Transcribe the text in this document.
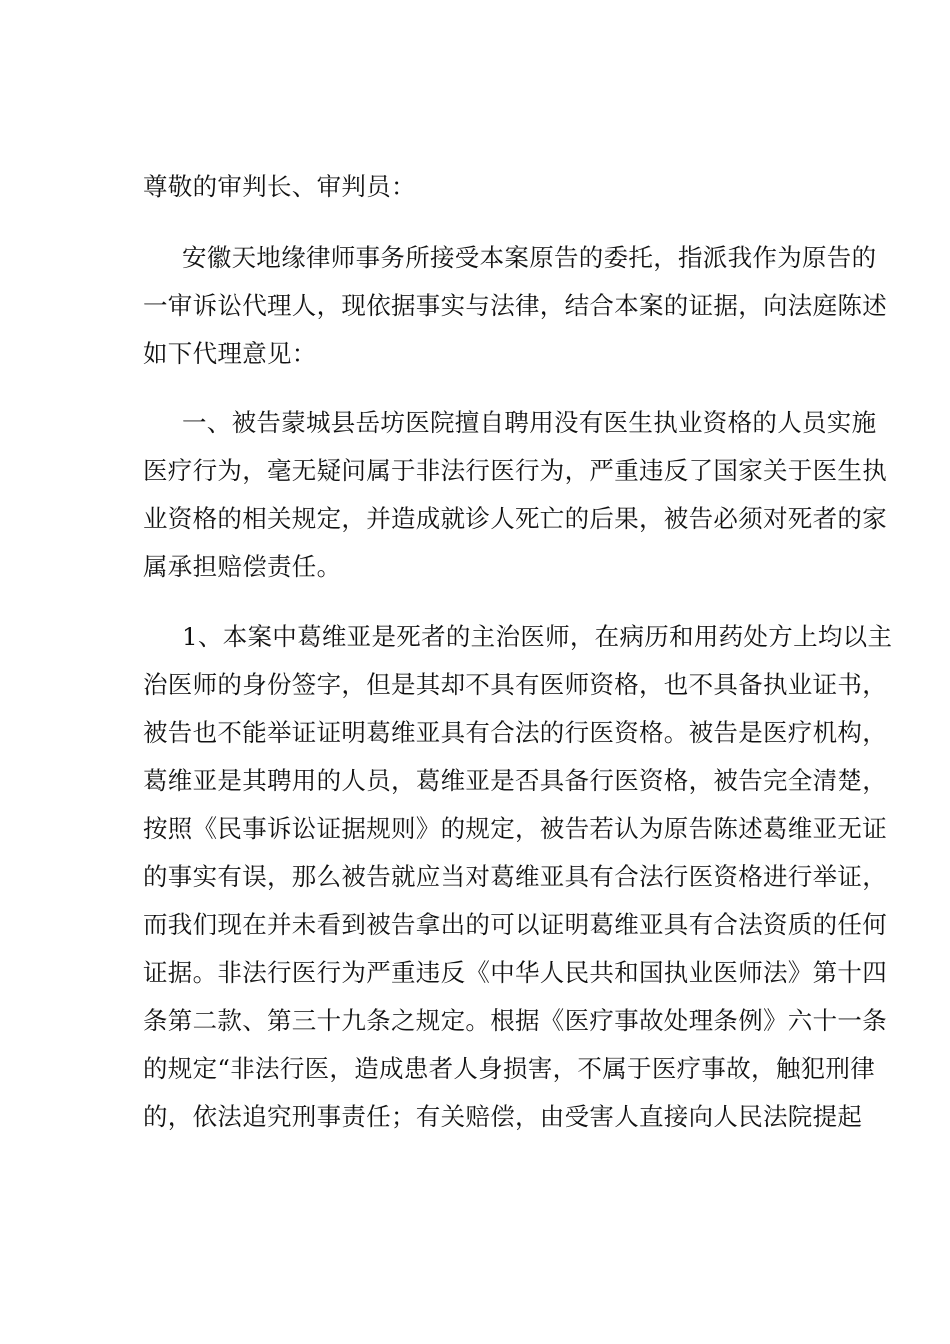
尊敬的审判长、审判员：
安徽天地缘律师事务所接受本案原告的委托，指派我作为原告的
一审诉讼代理人，现依据事实与法律，结合本案的证据，向法庭陈述
如下代理意见：
一、被告蒙城县岳坊医院擅自聘用没有医生执业资格的人员实施
医疗行为，毫无疑问属于非法行医行为，严重违反了国家关于医生执
业资格的相关规定，并造成就诊人死亡的后果，被告必须对死者的家
属承担赔偿责任。
1、本案中葛维亚是死者的主治医师，在病历和用药处方上均以主
治医师的身份签字，但是其却不具有医师资格，也不具备执业证书，
被告也不能举证证明葛维亚具有合法的行医资格。被告是医疗机构，
葛维亚是其聘用的人员，葛维亚是否具备行医资格，被告完全清楚，
按照《民事诉讼证据规则》的规定，被告若认为原告陈述葛维亚无证
的事实有误，那么被告就应当对葛维亚具有合法行医资格进行举证，
而我们现在并未看到被告拿出的可以证明葛维亚具有合法资质的任何
证据。非法行医行为严重违反《中华人民共和国执业医师法》第十四
条第二款、第三十九条之规定。根据《医疗事故处理条例》六十一条
的规定“非法行医，造成患者人身损害，不属于医疗事故，触犯刑律
的，依法追究刑事责任；有关赔偿，由受害人直接向人民法院提起
